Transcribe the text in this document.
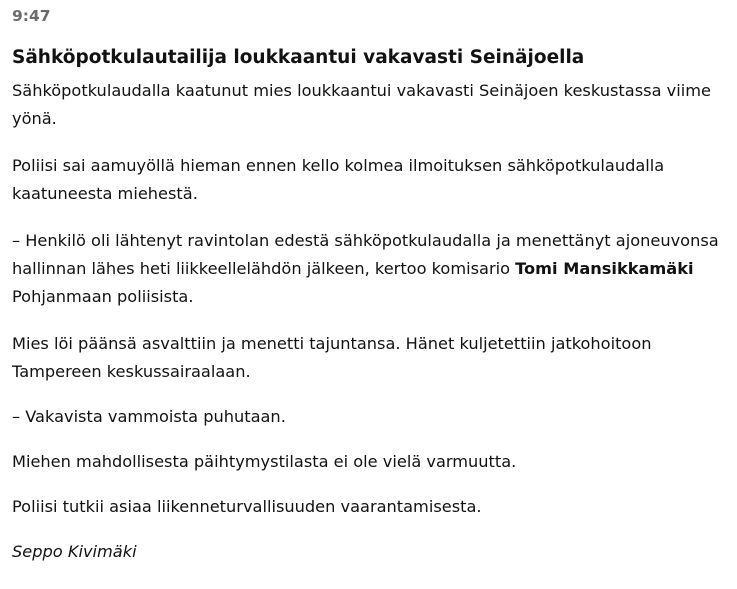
9:47
Sähköpotkulautailija loukkaantui vakavasti Seinäjoella

Sähköpotkulaudalla kaatunut mies loukkaantui vakavasti Seinäjoen keskustassa viime yönä.

Poliisi sai aamuyöllä hieman ennen kello kolmea ilmoituksen sähköpotkulaudalla kaatuneesta miehestä.

– Henkilö oli lähtenyt ravintolan edestä sähköpotkulaudalla ja menettänyt ajoneuvonsa hallinnan lähes heti liikkeellelähdön jälkeen, kertoo komisario Tomi Mansikkamäki Pohjanmaan poliisista.

Mies löi päänsä asvalttiin ja menetti tajuntansa. Hänet kuljetettiin jatkohoitoon Tampereen keskussairaalaan.

– Vakavista vammoista puhutaan.

Miehen mahdollisesta päihtymystilasta ei ole vielä varmuutta.

Poliisi tutkii asiaa liikenneturvallisuuden vaarantamisesta.

Seppo Kivimäki
